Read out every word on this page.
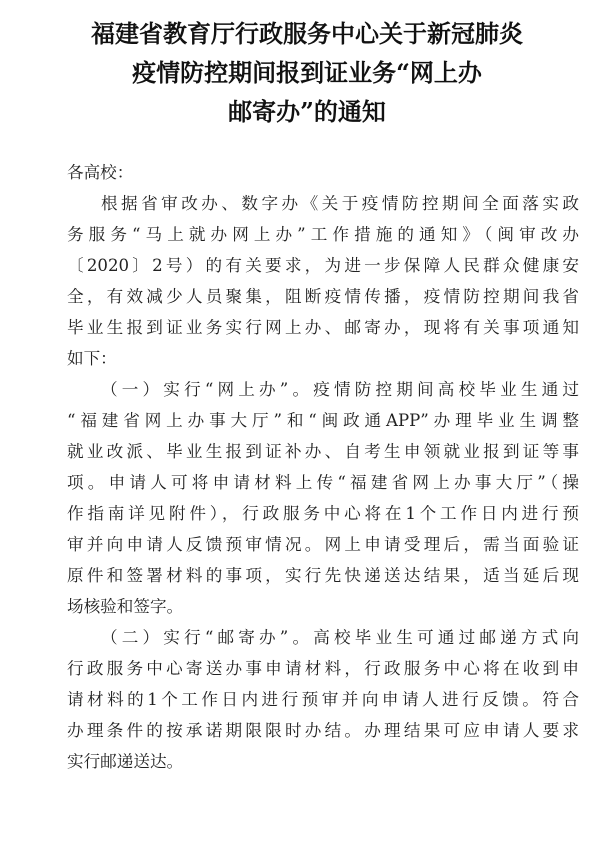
福建省教育厅行政服务中心关于新冠肺炎
疫情防控期间报到证业务“网上办
邮寄办”的通知
各高校：
根据省审改办、数字办《关于疫情防控期间全面落实政
务服务“马上就办网上办”工作措施的通知》（闽审改办
〔2020〕2号）的有关要求，为进一步保障人民群众健康安
全，有效减少人员聚集，阻断疫情传播，疫情防控期间我省
毕业生报到证业务实行网上办、邮寄办，现将有关事项通知
如下：
（一）实行“网上办”。疫情防控期间高校毕业生通过
“福建省网上办事大厅”和“闽政通APP”办理毕业生调整
就业改派、毕业生报到证补办、自考生申领就业报到证等事
项。申请人可将申请材料上传“福建省网上办事大厅”（操
作指南详见附件），行政服务中心将在1个工作日内进行预
审并向申请人反馈预审情况。网上申请受理后，需当面验证
原件和签署材料的事项，实行先快递送达结果，适当延后现
场核验和签字。
（二）实行“邮寄办”。高校毕业生可通过邮递方式向
行政服务中心寄送办事申请材料，行政服务中心将在收到申
请材料的1个工作日内进行预审并向申请人进行反馈。符合
办理条件的按承诺期限限时办结。办理结果可应申请人要求
实行邮递送达。
